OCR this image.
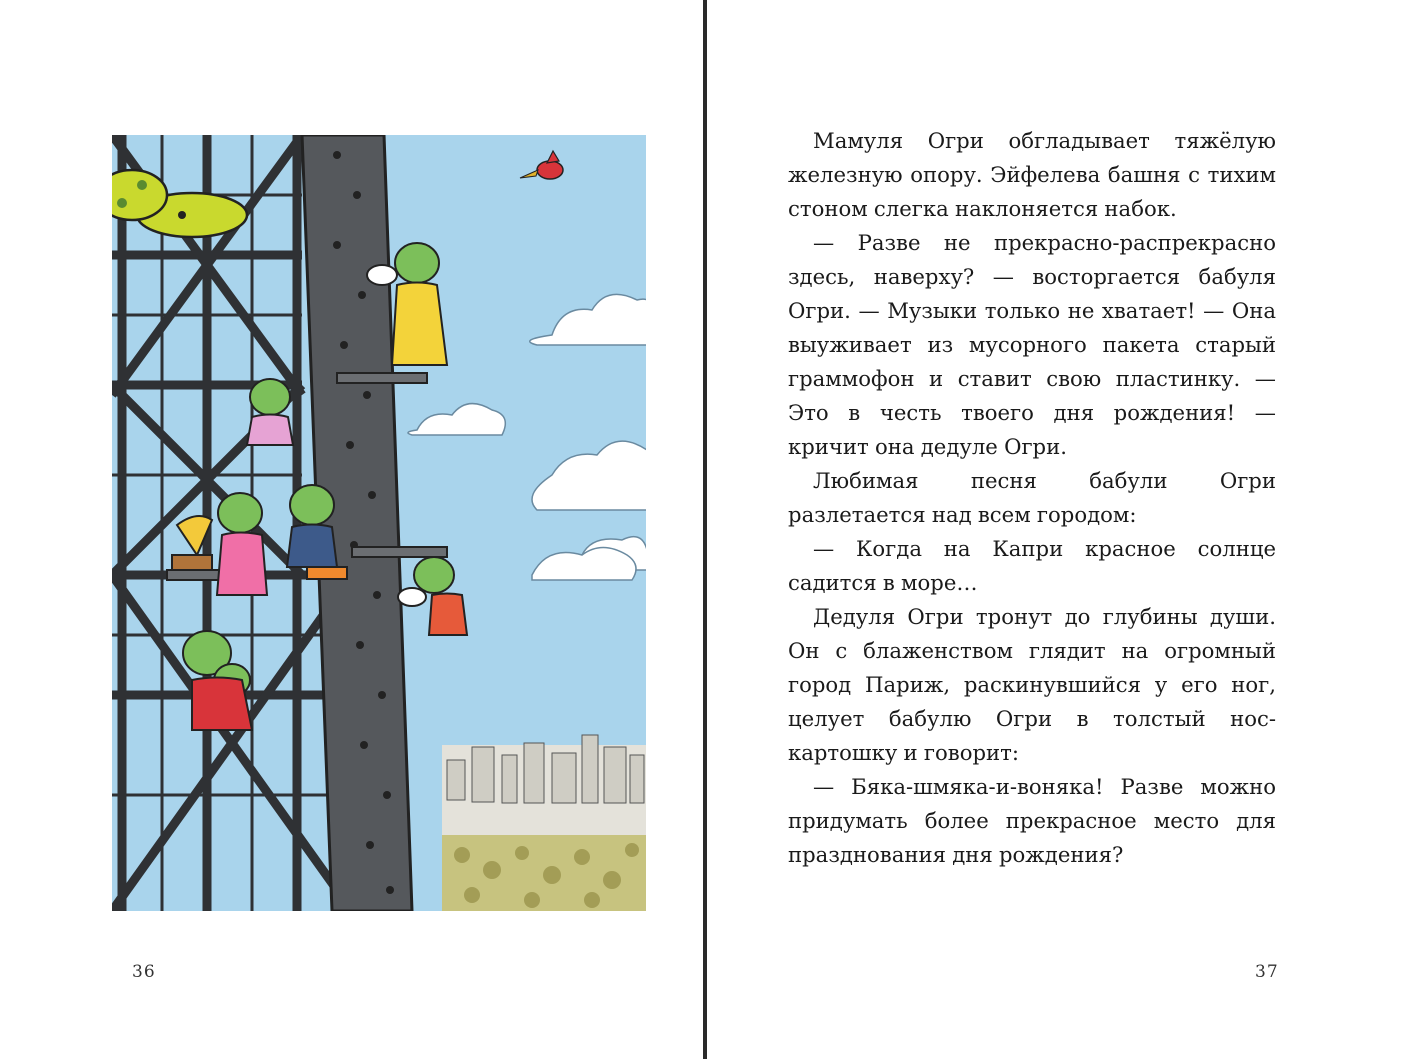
36

Мамуля Огри обгладывает тяжёлую железную опору. Эйфелева башня с тихим стоном слегка наклоняется набок.

— Разве не прекрасно-распрекрасно здесь, наверху? — восторгается бабуля Огри. — Музыки только не хватает! — Она выуживает из мусорного пакета старый граммофон и ставит свою пластинку. — Это в честь твоего дня рождения! — кричит она дедуле Огри.

Любимая песня бабули Огри разлетается над всем городом:

— Когда на Капри красное солнце садится в море…

Дедуля Огри тронут до глубины души. Он с блаженством глядит на огромный город Париж, раскинувшийся у его ног, целует бабулю Огри в толстый нос-картошку и говорит:

— Бяка-шмяка-и-воняка! Разве можно придумать более прекрасное место для празднования дня рождения?

37
